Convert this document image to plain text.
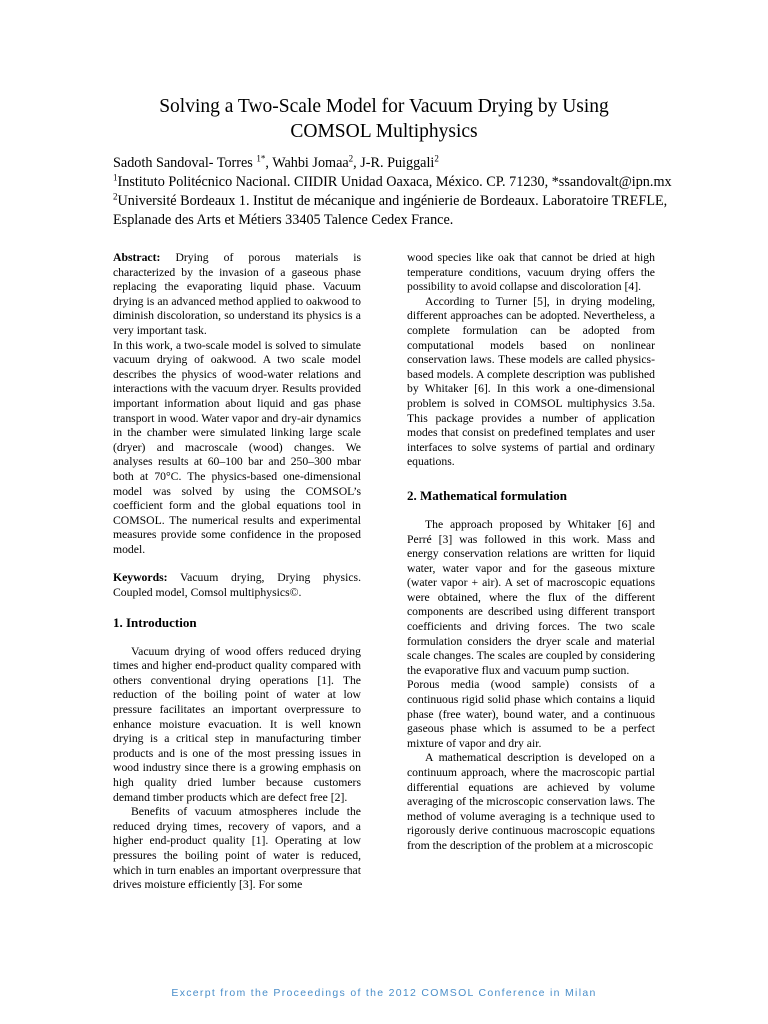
Solving a Two-Scale Model for Vacuum Drying by Using
COMSOL Multiphysics
Sadoth Sandoval- Torres $^{1*}$, Wahbi Jomaa$^2$, J-R. Puiggali$^2$
$^1$Instituto Politécnico Nacional. CIIDIR Unidad Oaxaca, México. CP. 71230, *ssandovalt@ipn.mx
$^2$Université Bordeaux 1. Institut de mécanique and ingénierie de Bordeaux. Laboratoire TREFLE,
Esplanade des Arts et Métiers 33405 Talence Cedex France.

Abstract: Drying of porous materials is characterized by the invasion of a gaseous phase replacing the evaporating liquid phase. Vacuum drying is an advanced method applied to oakwood to diminish discoloration, so understand its physics is a very important task.

In this work, a two-scale model is solved to simulate vacuum drying of oakwood. A two scale model describes the physics of wood-water relations and interactions with the vacuum dryer. Results provided important information about liquid and gas phase transport in wood. Water vapor and dry-air dynamics in the chamber were simulated linking large scale (dryer) and macroscale (wood) changes. We analyses results at 60–100 bar and 250–300 mbar both at 70°C. The physics-based one-dimensional model was solved by using the COMSOL’s coefficient form and the global equations tool in COMSOL. The numerical results and experimental measures provide some confidence in the proposed model.

Keywords: Vacuum drying, Drying physics. Coupled model, Comsol multiphysics©.

1. Introduction

Vacuum drying of wood offers reduced drying times and higher end-product quality compared with others conventional drying operations [1]. The reduction of the boiling point of water at low pressure facilitates an important overpressure to enhance moisture evacuation. It is well known drying is a critical step in manufacturing timber products and is one of the most pressing issues in wood industry since there is a growing emphasis on high quality dried lumber because customers demand timber products which are defect free [2].

Benefits of vacuum atmospheres include the reduced drying times, recovery of vapors, and a higher end-product quality [1]. Operating at low pressures the boiling point of water is reduced, which in turn enables an important overpressure that drives moisture efficiently [3]. For some

wood species like oak that cannot be dried at high temperature conditions, vacuum drying offers the possibility to avoid collapse and discoloration [4].

According to Turner [5], in drying modeling, different approaches can be adopted. Nevertheless, a complete formulation can be adopted from computational models based on nonlinear conservation laws. These models are called physics-based models. A complete description was published by Whitaker [6]. In this work a one-dimensional problem is solved in COMSOL multiphysics 3.5a. This package provides a number of application modes that consist on predefined templates and user interfaces to solve systems of partial and ordinary equations.

2. Mathematical formulation

The approach proposed by Whitaker [6] and Perré [3] was followed in this work. Mass and energy conservation relations are written for liquid water, water vapor and for the gaseous mixture (water vapor + air). A set of macroscopic equations were obtained, where the flux of the different components are described using different transport coefficients and driving forces. The two scale formulation considers the dryer scale and material scale changes. The scales are coupled by considering the evaporative flux and vacuum pump suction.

Porous media (wood sample) consists of a continuous rigid solid phase which contains a liquid phase (free water), bound water, and a continuous gaseous phase which is assumed to be a perfect mixture of vapor and dry air.

A mathematical description is developed on a continuum approach, where the macroscopic partial differential equations are achieved by volume averaging of the microscopic conservation laws. The method of volume averaging is a technique used to rigorously derive continuous macroscopic equations from the description of the problem at a microscopic

Excerpt from the Proceedings of the 2012 COMSOL Conference in Milan
